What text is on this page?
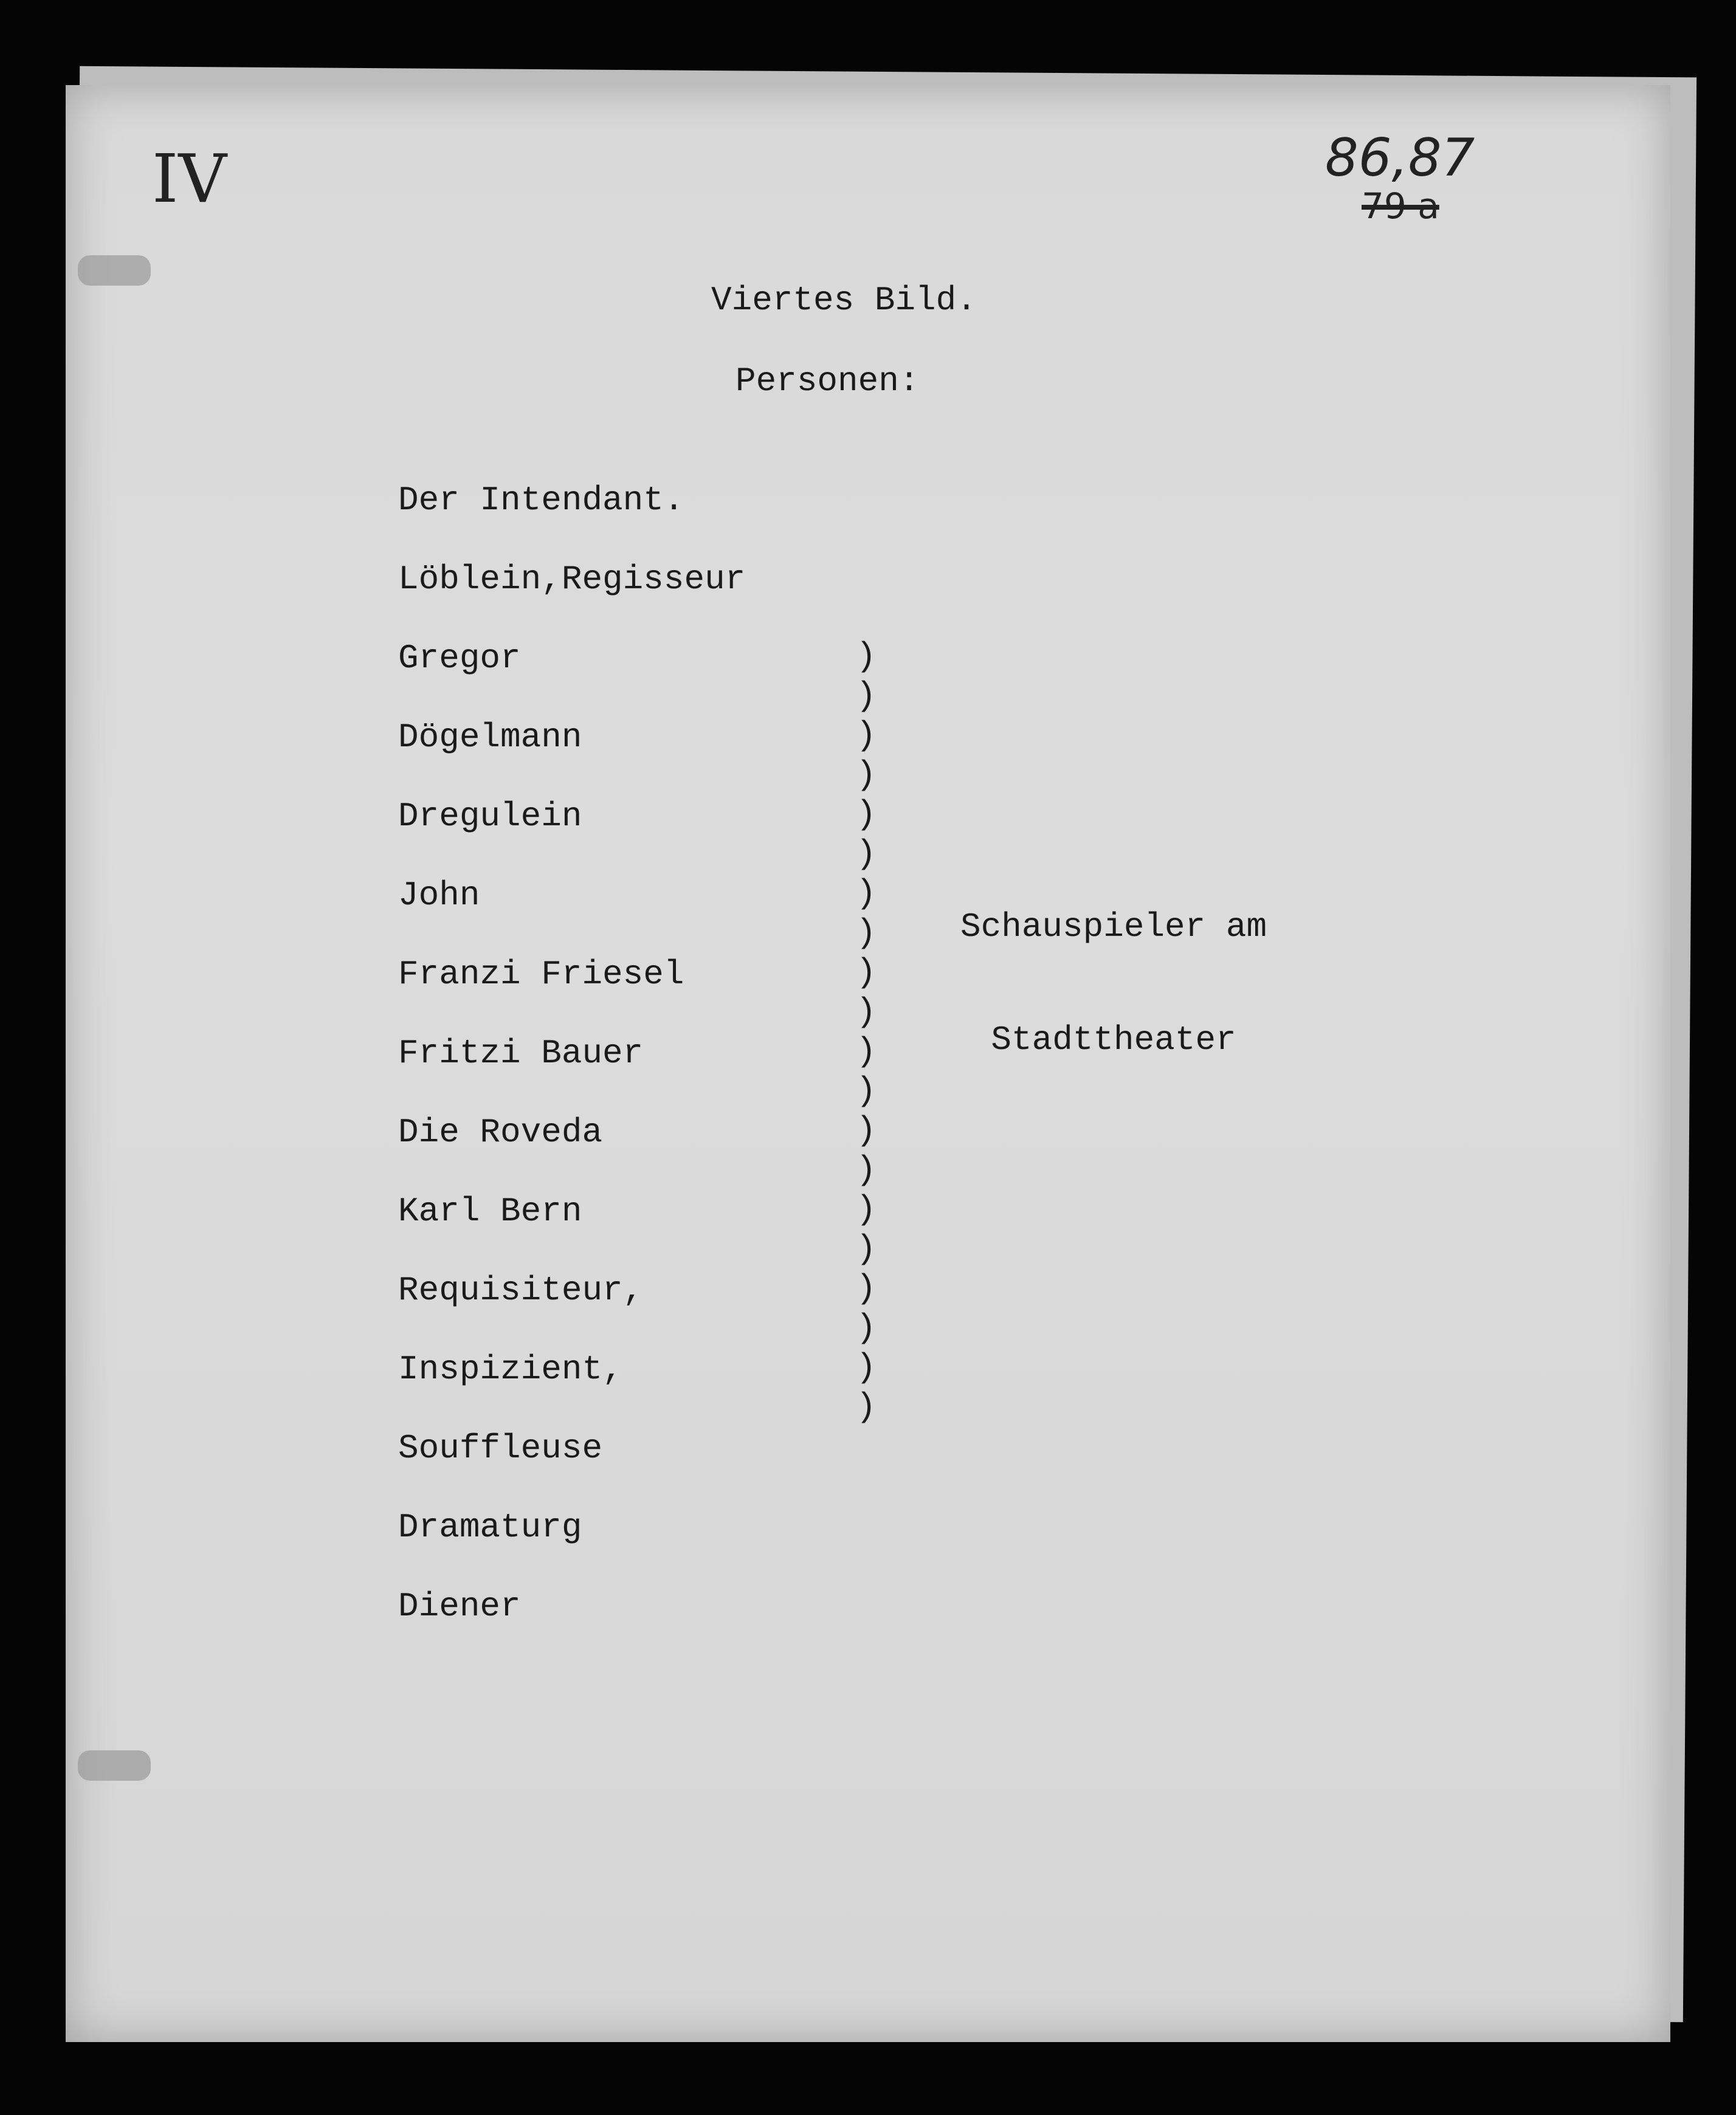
IV	86,87
79 a
Viertes Bild.
Personen:
Der Intendant.
Löblein,Regisseur
Gregor
Dögelmann
Dregulein
John
Franzi Friesel
Fritzi Bauer
Die Roveda
Karl Bern
Requisiteur,
Inspizient,
Souffleuse
Dramaturg
Diener
)
)
)
)
)
)
)
)
)
)
)
)
)
)
)
)
)
)
)
)

Schauspieler am

Stadttheater
